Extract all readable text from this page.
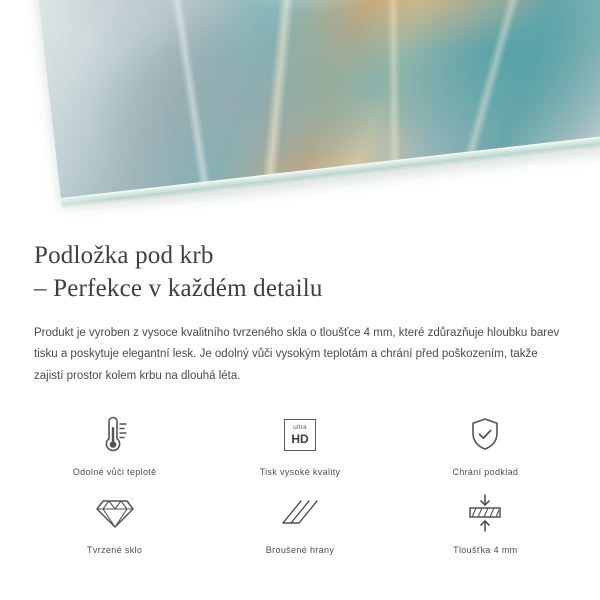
Podložka pod krb
– Perfekce v každém detailu

Produkt je vyroben z vysoce kvalitního tvrzeného skla o tloušťce 4 mm, které zdůrazňuje hloubku barev tisku a poskytuje elegantní lesk. Je odolný vůči vysokým teplotám a chrání před poškozením, takže zajistí prostor kolem krbu na dlouhá léta.

Odolné vůči teplotě
ultra
HD
Tisk vysoké kvality	Chrání podklad
Tvrzené sklo	Broušené hrany	Tloušťka 4 mm
